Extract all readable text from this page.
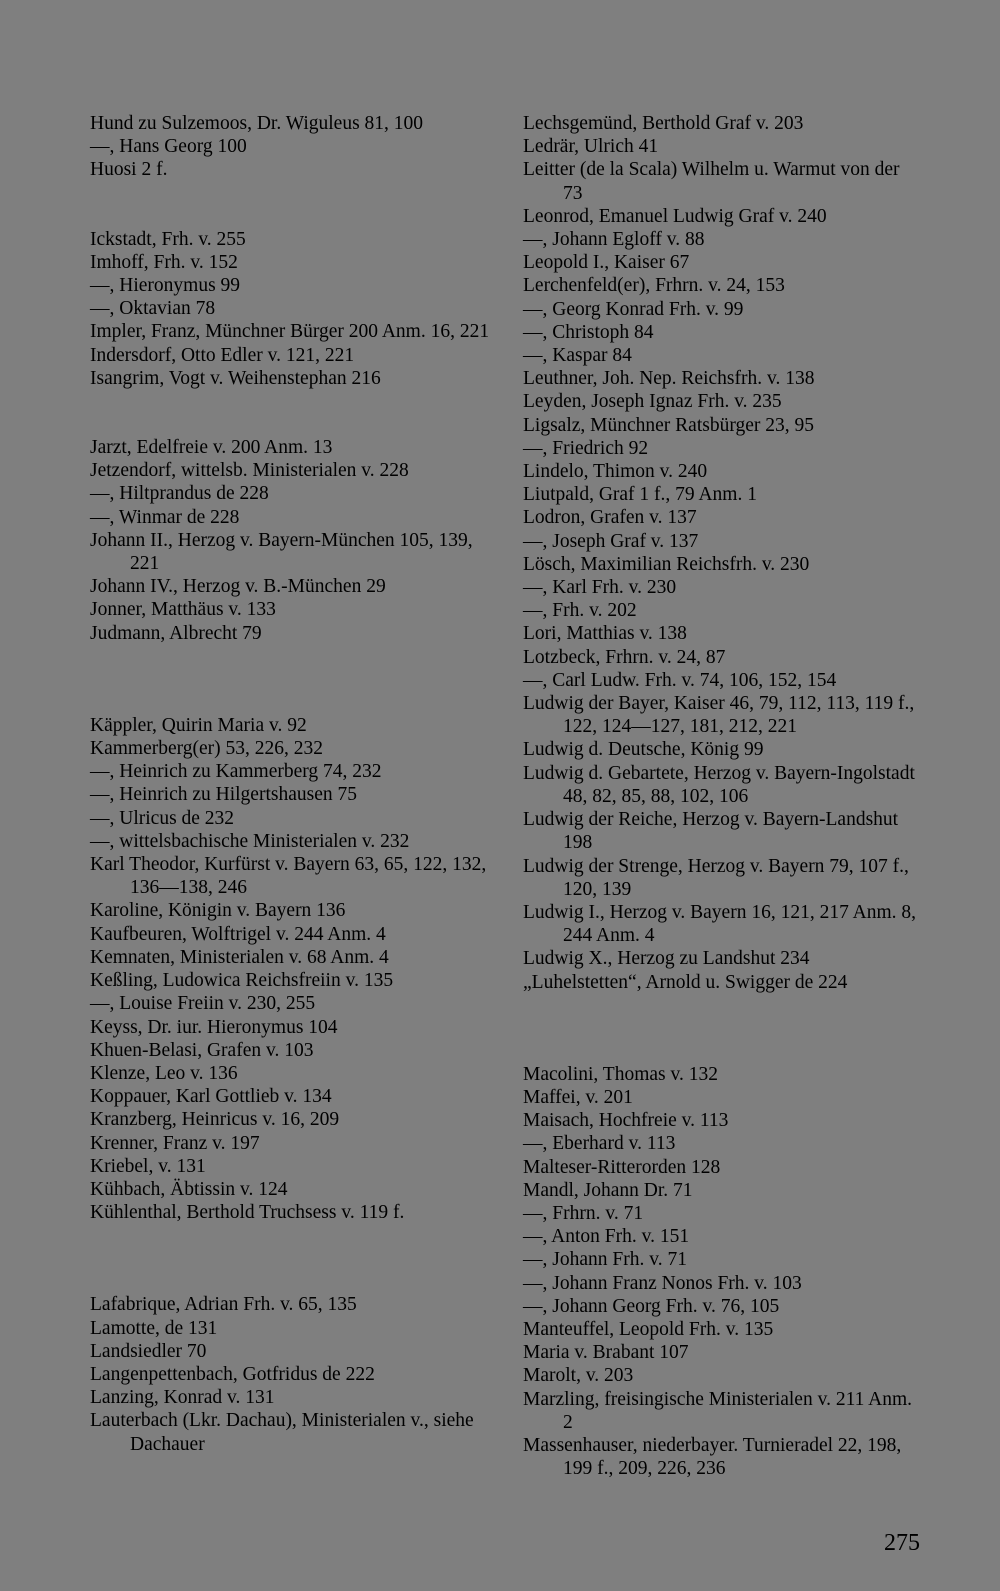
Hund zu Sulzemoos, Dr. Wiguleus 81, 100
—, Hans Georg 100
Huosi 2 f.
Ickstadt, Frh. v. 255
Imhoff, Frh. v. 152
—, Hieronymus 99
—, Oktavian 78
Impler, Franz, Münchner Bürger 200 Anm. 16, 221
Indersdorf, Otto Edler v. 121, 221
Isangrim, Vogt v. Weihenstephan 216
Jarzt, Edelfreie v. 200 Anm. 13
Jetzendorf, wittelsb. Ministerialen v. 228
—, Hiltprandus de 228
—, Winmar de 228
Johann II., Herzog v. Bayern-München 105, 139, 221
Johann IV., Herzog v. B.-München 29
Jonner, Matthäus v. 133
Judmann, Albrecht 79
Käppler, Quirin Maria v. 92
Kammerberg(er) 53, 226, 232
—, Heinrich zu Kammerberg 74, 232
—, Heinrich zu Hilgertshausen 75
—, Ulricus de 232
—, wittelsbachische Ministerialen v. 232
Karl Theodor, Kurfürst v. Bayern 63, 65, 122, 132, 136—138, 246
Karoline, Königin v. Bayern 136
Kaufbeuren, Wolftrigel v. 244 Anm. 4
Kemnaten, Ministerialen v. 68 Anm. 4
Keßling, Ludowica Reichsfreiin v. 135
—, Louise Freiin v. 230, 255
Keyss, Dr. iur. Hieronymus 104
Khuen-Belasi, Grafen v. 103
Klenze, Leo v. 136
Koppauer, Karl Gottlieb v. 134
Kranzberg, Heinricus v. 16, 209
Krenner, Franz v. 197
Kriebel, v. 131
Kühbach, Äbtissin v. 124
Kühlenthal, Berthold Truchsess v. 119 f.
Lafabrique, Adrian Frh. v. 65, 135
Lamotte, de 131
Landsiedler 70
Langenpettenbach, Gotfridus de 222
Lanzing, Konrad v. 131
Lauterbach (Lkr. Dachau), Ministerialen v., siehe Dachauer
Lechsgemünd, Berthold Graf v. 203
Ledrär, Ulrich 41
Leitter (de la Scala) Wilhelm u. Warmut von der 73
Leonrod, Emanuel Ludwig Graf v. 240
—, Johann Egloff v. 88
Leopold I., Kaiser 67
Lerchenfeld(er), Frhrn. v. 24, 153
—, Georg Konrad Frh. v. 99
—, Christoph 84
—, Kaspar 84
Leuthner, Joh. Nep. Reichsfrh. v. 138
Leyden, Joseph Ignaz Frh. v. 235
Ligsalz, Münchner Ratsbürger 23, 95
—, Friedrich 92
Lindelo, Thimon v. 240
Liutpald, Graf 1 f., 79 Anm. 1
Lodron, Grafen v. 137
—, Joseph Graf v. 137
Lösch, Maximilian Reichsfrh. v. 230
—, Karl Frh. v. 230
—, Frh. v. 202
Lori, Matthias v. 138
Lotzbeck, Frhrn. v. 24, 87
—, Carl Ludw. Frh. v. 74, 106, 152, 154
Ludwig der Bayer, Kaiser 46, 79, 112, 113, 119 f., 122, 124—127, 181, 212, 221
Ludwig d. Deutsche, König 99
Ludwig d. Gebartete, Herzog v. Bayern-Ingolstadt 48, 82, 85, 88, 102, 106
Ludwig der Reiche, Herzog v. Bayern-Landshut 198
Ludwig der Strenge, Herzog v. Bayern 79, 107 f., 120, 139
Ludwig I., Herzog v. Bayern 16, 121, 217 Anm. 8, 244 Anm. 4
Ludwig X., Herzog zu Landshut 234
„Luhelstetten“, Arnold u. Swigger de 224
Macolini, Thomas v. 132
Maffei, v. 201
Maisach, Hochfreie v. 113
—, Eberhard v. 113
Malteser-Ritterorden 128
Mandl, Johann Dr. 71
—, Frhrn. v. 71
—, Anton Frh. v. 151
—, Johann Frh. v. 71
—, Johann Franz Nonos Frh. v. 103
—, Johann Georg Frh. v. 76, 105
Manteuffel, Leopold Frh. v. 135
Maria v. Brabant 107
Marolt, v. 203
Marzling, freisingische Ministerialen v. 211 Anm. 2
Massenhauser, niederbayer. Turnieradel 22, 198, 199 f., 209, 226, 236
275
